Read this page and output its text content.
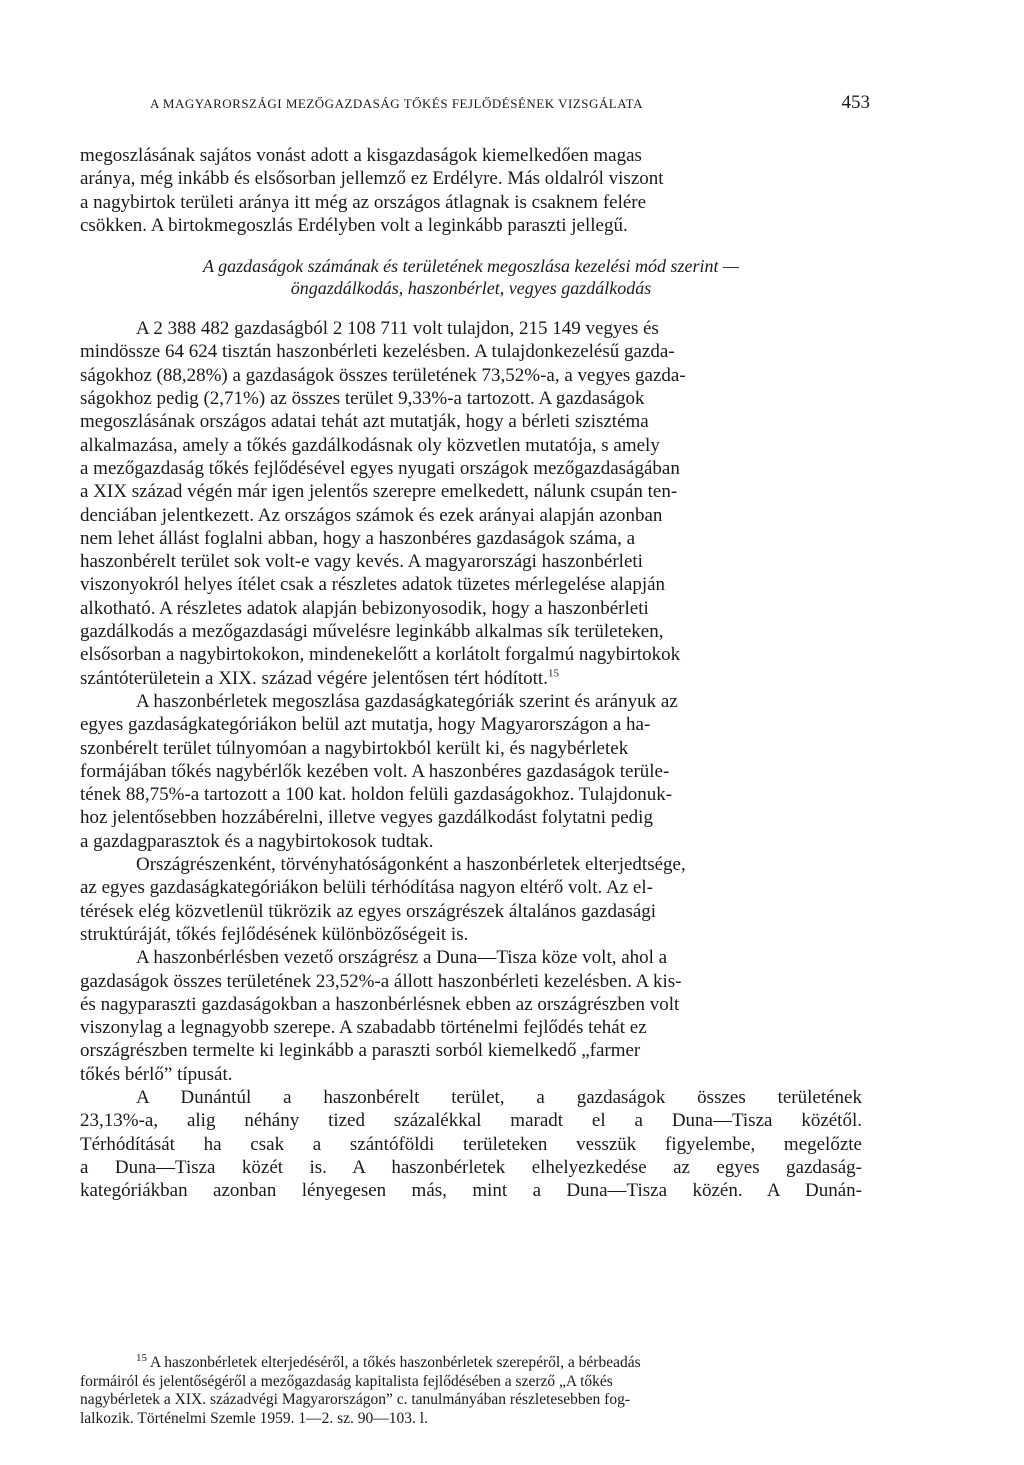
A MAGYARORSZÁGI MEZŐGAZDASÁG TŐKÉS FEJLŐDÉSÉNEK VIZSGÁLATA	453

megoszlásának sajátos vonást adott a kisgazdaságok kiemelkedően magas
aránya, még inkább és elsősorban jellemző ez Erdélyre. Más oldalról viszont
a nagybirtok területi aránya itt még az országos átlagnak is csaknem felére
csökken. A birtokmegoszlás Erdélyben volt a leginkább paraszti jellegű.

A gazdaságok számának és területének megoszlása kezelési mód szerint —
öngazdálkodás, haszonbérlet, vegyes gazdálkodás

A 2 388 482 gazdaságból 2 108 711 volt tulajdon, 215 149 vegyes és
mindössze 64 624 tisztán haszonbérleti kezelésben. A tulajdonkezelésű gazda-
ságokhoz (88,28%) a gazdaságok összes területének 73,52%-a, a vegyes gazda-
ságokhoz pedig (2,71%) az összes terület 9,33%-a tartozott. A gazdaságok
megoszlásának országos adatai tehát azt mutatják, hogy a bérleti szisztéma
alkalmazása, amely a tőkés gazdálkodásnak oly közvetlen mutatója, s amely
a mezőgazdaság tőkés fejlődésével egyes nyugati országok mezőgazdaságában
a XIX század végén már igen jelentős szerepre emelkedett, nálunk csupán ten-
denciában jelentkezett. Az országos számok és ezek arányai alapján azonban
nem lehet állást foglalni abban, hogy a haszonbéres gazdaságok száma, a
haszonbérelt terület sok volt-e vagy kevés. A magyarországi haszonbérleti
viszonyokról helyes ítélet csak a részletes adatok tüzetes mérlegelése alapján
alkotható. A részletes adatok alapján bebizonyosodik, hogy a haszonbérleti
gazdálkodás a mezőgazdasági művelésre leginkább alkalmas sík területeken,
elsősorban a nagybirtokokon, mindenekelőtt a korlátolt forgalmú nagybirtokok
szántóterületein a XIX. század végére jelentősen tért hódított.$^{15}$

A haszonbérletek megoszlása gazdaságkategóriák szerint és arányuk az
egyes gazdaságkategóriákon belül azt mutatja, hogy Magyarországon a ha-
szonbérelt terület túlnyomóan a nagybirtokból került ki, és nagybérletek
formájában tőkés nagybérlők kezében volt. A haszonbéres gazdaságok terüle-
tének 88,75%-a tartozott a 100 kat. holdon felüli gazdaságokhoz. Tulajdonuk-
hoz jelentősebben hozzábérelni, illetve vegyes gazdálkodást folytatni pedig
a gazdagparasztok és a nagybirtokosok tudtak.

Országrészenként, törvényhatóságonként a haszonbérletek elterjedtsége,
az egyes gazdaságkategóriákon belüli térhódítása nagyon eltérő volt. Az el-
térések elég közvetlenül tükrözik az egyes országrészek általános gazdasági
struktúráját, tőkés fejlődésének különbözőségeit is.

A haszonbérlésben vezető országrész a Duna—Tisza köze volt, ahol a
gazdaságok összes területének 23,52%-a állott haszonbérleti kezelésben. A kis-
és nagyparaszti gazdaságokban a haszonbérlésnek ebben az országrészben volt
viszonylag a legnagyobb szerepe. A szabadabb történelmi fejlődés tehát ez
országrészben termelte ki leginkább a paraszti sorból kiemelkedő „farmer
tőkés bérlő” típusát.

A Dunántúl a haszonbérelt terület, a gazdaságok összes területének
23,13%-a, alig néhány tized százalékkal maradt el a Duna—Tisza közétől.
Térhódítását ha csak a szántóföldi területeken vesszük figyelembe, megelőzte
a Duna—Tisza közét is. A haszonbérletek elhelyezkedése az egyes gazdaság-
kategóriákban azonban lényegesen más, mint a Duna—Tisza közén. A Dunán-

$^{15}$ A haszonbérletek elterjedéséről, a tőkés haszonbérletek szerepéről, a bérbeadás
formáiról és jelentőségéről a mezőgazdaság kapitalista fejlődésében a szerző „A tőkés
nagybérletek a XIX. századvégi Magyarországon” c. tanulmányában részletesebben fog-
lalkozik. Történelmi Szemle 1959. 1—2. sz. 90—103. l.
